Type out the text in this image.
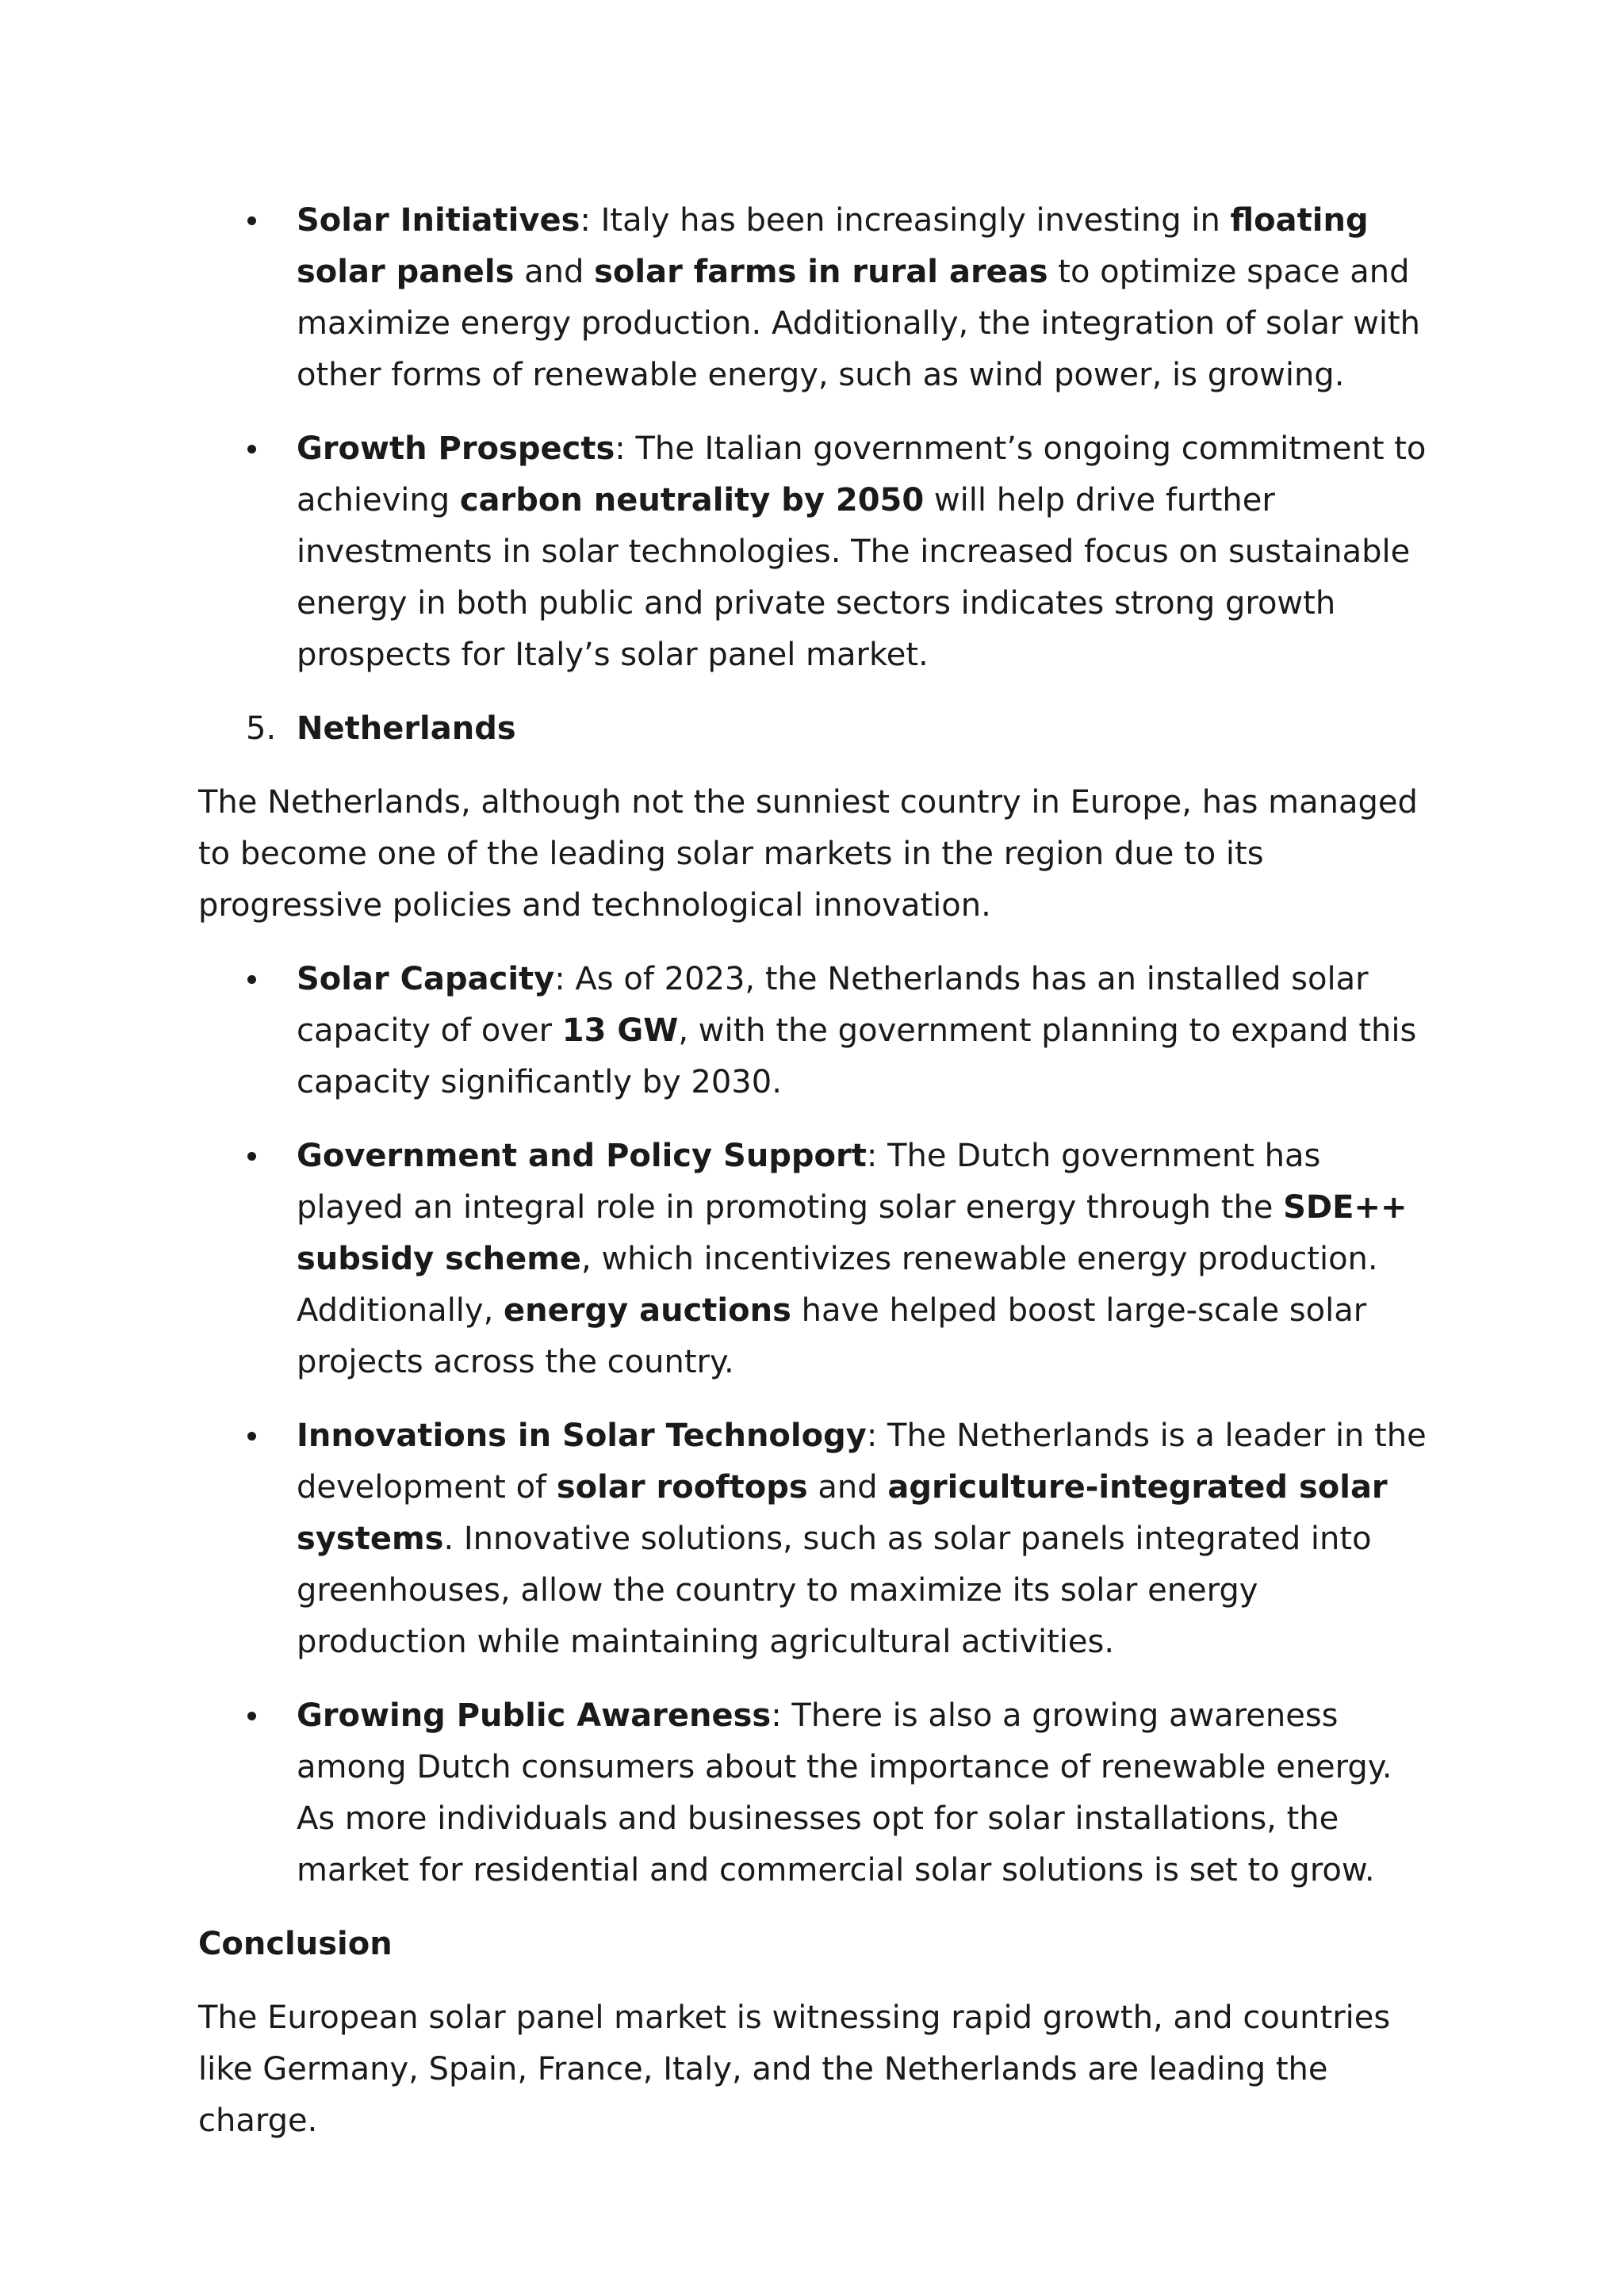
Solar Initiatives: Italy has been increasingly investing in floating solar panels and solar farms in rural areas to optimize space and maximize energy production. Additionally, the integration of solar with other forms of renewable energy, such as wind power, is growing.
Growth Prospects: The Italian government’s ongoing commitment to achieving carbon neutrality by 2050 will help drive further investments in solar technologies. The increased focus on sustainable energy in both public and private sectors indicates strong growth prospects for Italy’s solar panel market.
5. Netherlands

The Netherlands, although not the sunniest country in Europe, has managed to become one of the leading solar markets in the region due to its progressive policies and technological innovation.

Solar Capacity: As of 2023, the Netherlands has an installed solar capacity of over 13 GW, with the government planning to expand this capacity significantly by 2030.
Government and Policy Support: The Dutch government has played an integral role in promoting solar energy through the SDE++ subsidy scheme, which incentivizes renewable energy production. Additionally, energy auctions have helped boost large-scale solar projects across the country.
Innovations in Solar Technology: The Netherlands is a leader in the development of solar rooftops and agriculture-integrated solar systems. Innovative solutions, such as solar panels integrated into greenhouses, allow the country to maximize its solar energy production while maintaining agricultural activities.
Growing Public Awareness: There is also a growing awareness among Dutch consumers about the importance of renewable energy. As more individuals and businesses opt for solar installations, the market for residential and commercial solar solutions is set to grow.

Conclusion

The European solar panel market is witnessing rapid growth, and countries like Germany, Spain, France, Italy, and the Netherlands are leading the charge.
